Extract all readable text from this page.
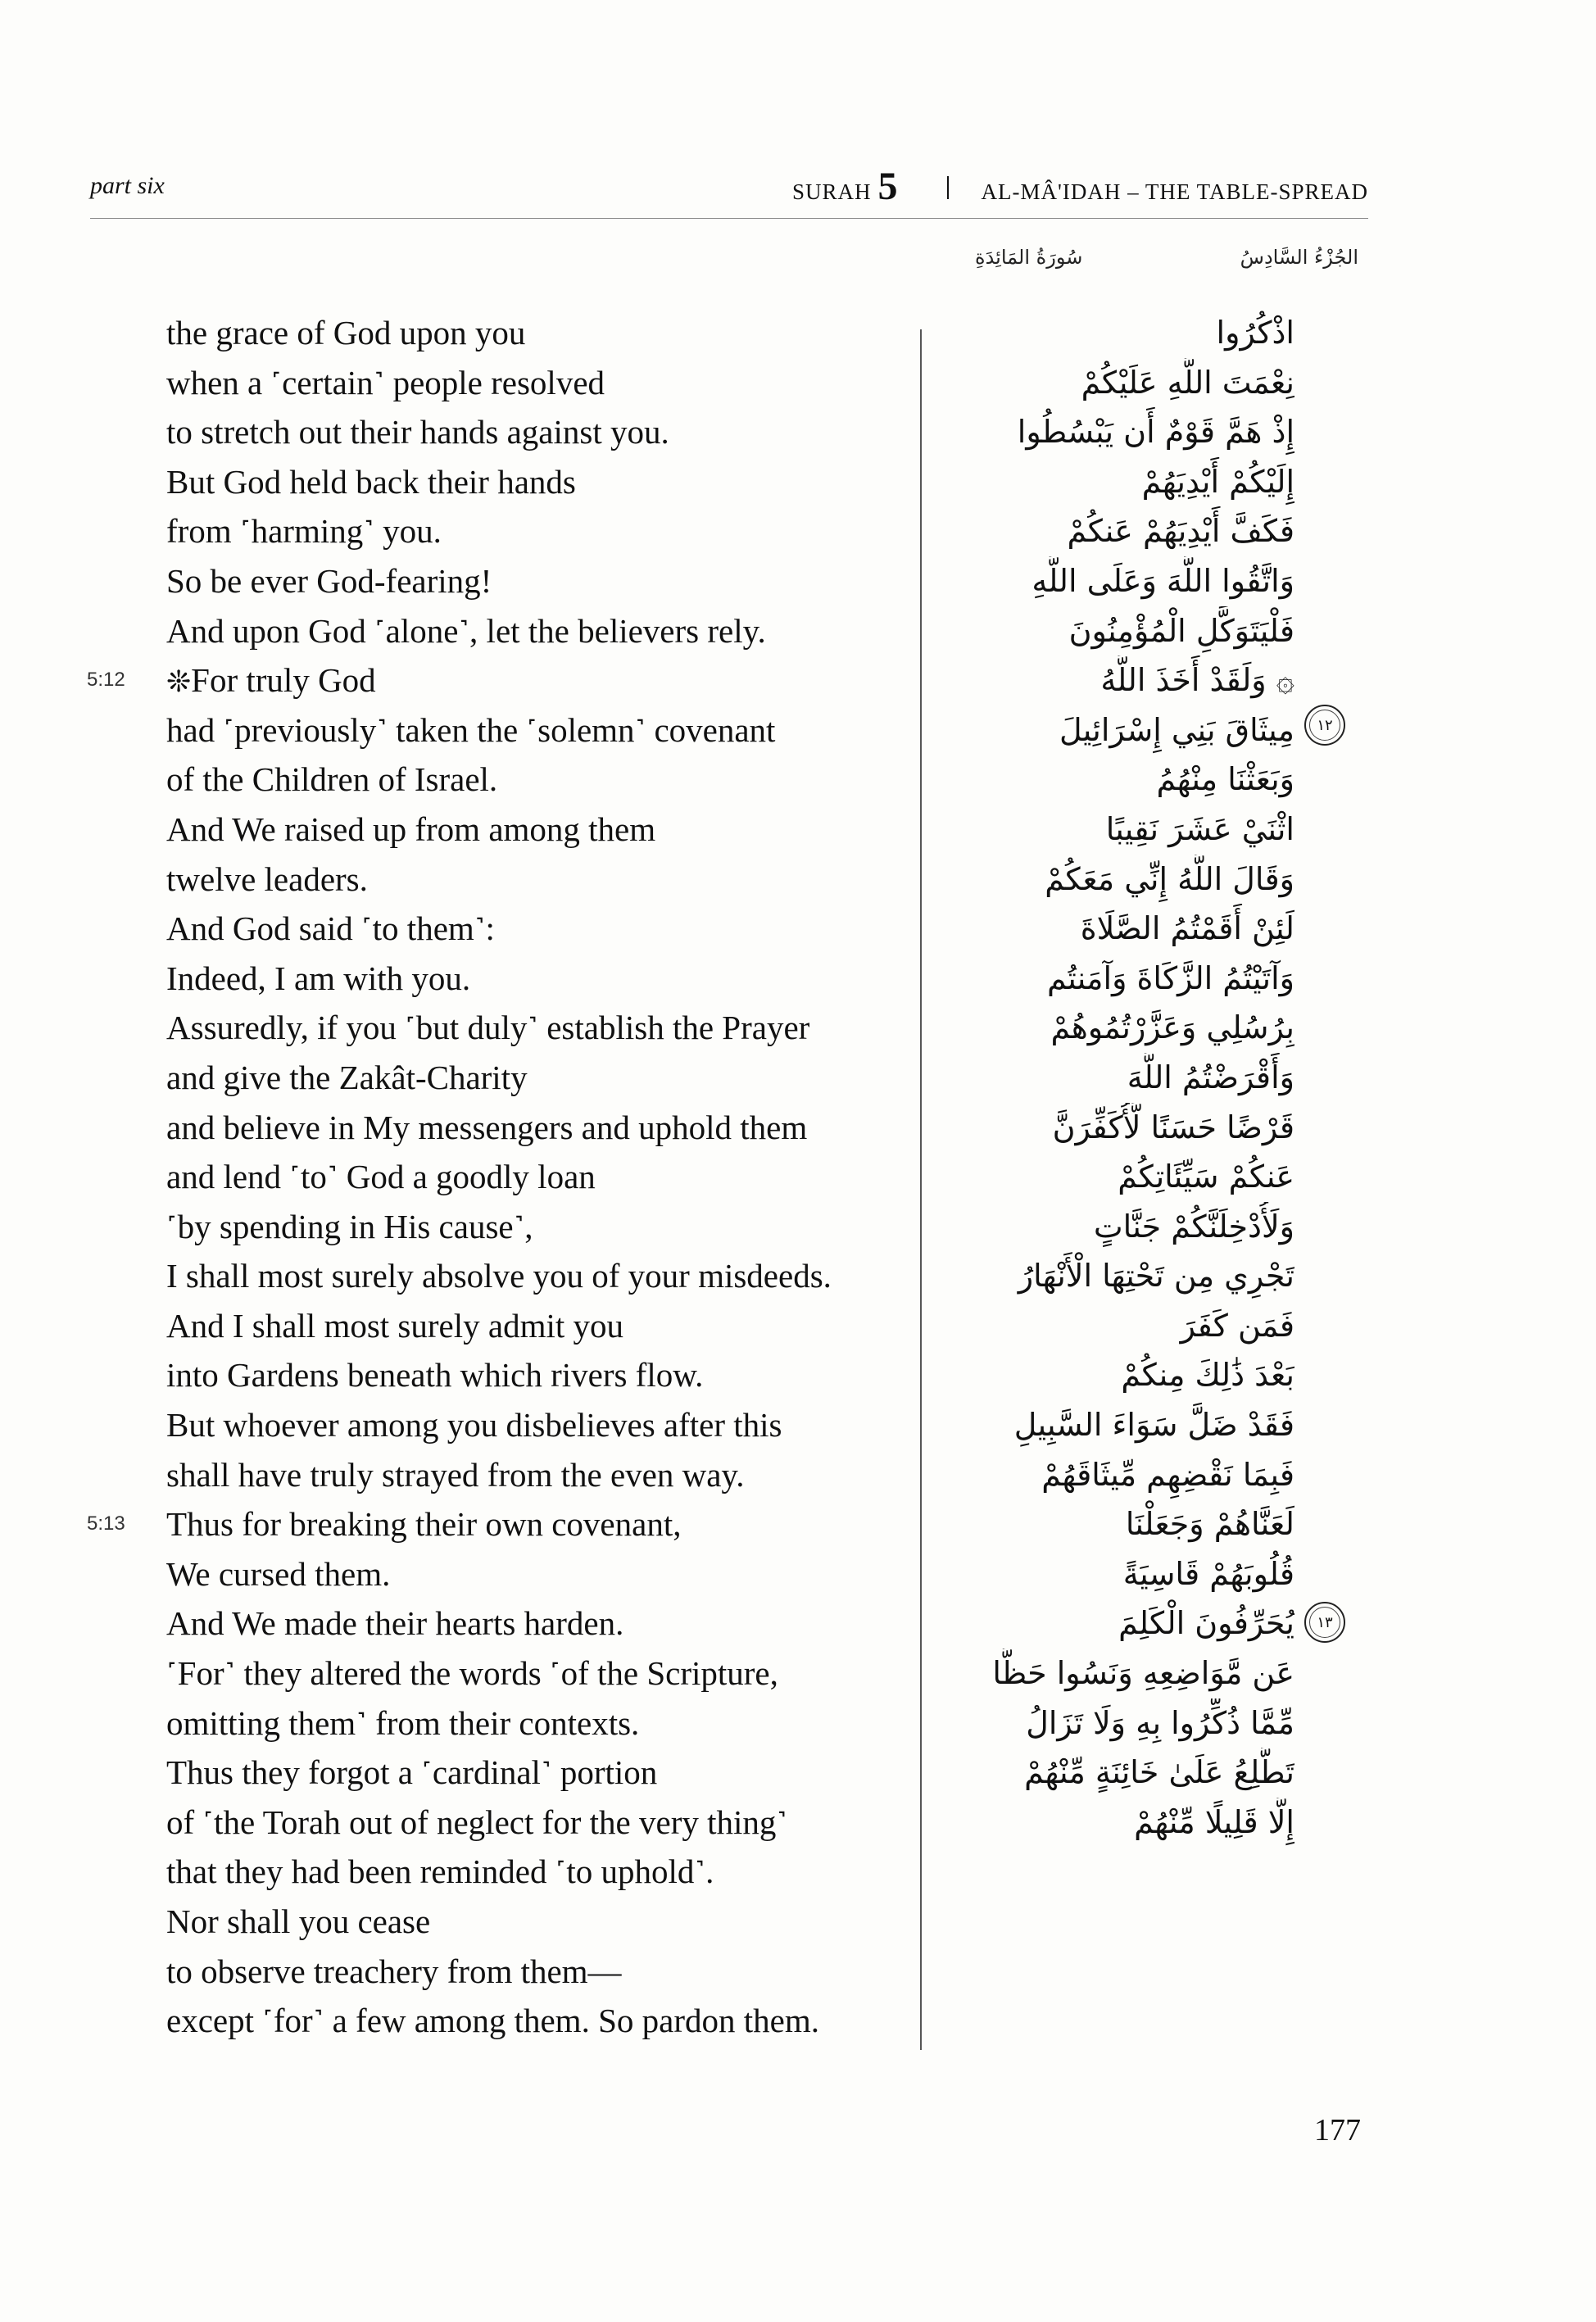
part six	SURAH 5	AL-MÂ'IDAH – THE TABLE-SPREAD
سُورَةُ المَائِدَةِ	الجُزْءُ السَّادِسُ
the grace of God upon you
when a ˹certain˺ people resolved
to stretch out their hands against you.
But God held back their hands
from ˹harming˺ you.
So be ever God-fearing!
And upon God ˹alone˺, let the believers rely.
5:12 ❊For truly God
had ˹previously˺ taken the ˹solemn˺ covenant
of the Children of Israel.
And We raised up from among them
twelve leaders.
And God said ˹to them˺:
Indeed, I am with you.
Assuredly, if you ˹but duly˺ establish the Prayer
and give the Zakât-Charity
and believe in My messengers and uphold them
and lend ˹to˺ God a goodly loan
˹by spending in His cause˺,
I shall most surely absolve you of your misdeeds.
And I shall most surely admit you
into Gardens beneath which rivers flow.
But whoever among you disbelieves after this
shall have truly strayed from the even way.
5:13 Thus for breaking their own covenant,
We cursed them.
And We made their hearts harden.
˹For˺ they altered the words ˹of the Scripture,
omitting them˺ from their contexts.
Thus they forgot a ˹cardinal˺ portion
of ˹the Torah out of neglect for the very thing˺
that they had been reminded ˹to uphold˺.
Nor shall you cease
to observe treachery from them—
except ˹for˺ a few among them. So pardon them.
اذْكُرُوا
نِعْمَتَ اللَّهِ عَلَيْكُمْ
إِذْ هَمَّ قَوْمٌ أَن يَبْسُطُوا
إِلَيْكُمْ أَيْدِيَهُمْ
فَكَفَّ أَيْدِيَهُمْ عَنكُمْ
وَاتَّقُوا اللَّهَ وَعَلَى اللَّهِ
فَلْيَتَوَكَّلِ الْمُؤْمِنُونَ
۞ وَلَقَدْ أَخَذَ اللَّهُ
مِيثَاقَ بَنِي إِسْرَائِيلَ
وَبَعَثْنَا مِنْهُمُ
اثْنَيْ عَشَرَ نَقِيبًا
وَقَالَ اللَّهُ إِنِّي مَعَكُمْ
لَئِنْ أَقَمْتُمُ الصَّلَاةَ
وَآتَيْتُمُ الزَّكَاةَ وَآمَنتُم
بِرُسُلِي وَعَزَّرْتُمُوهُمْ
وَأَقْرَضْتُمُ اللَّهَ
قَرْضًا حَسَنًا لَّأُكَفِّرَنَّ
عَنكُمْ سَيِّئَاتِكُمْ
وَلَأُدْخِلَنَّكُمْ جَنَّاتٍ
تَجْرِي مِن تَحْتِهَا الْأَنْهَارُ
فَمَن كَفَرَ
بَعْدَ ذَٰلِكَ مِنكُمْ
فَقَدْ ضَلَّ سَوَاءَ السَّبِيلِ
فَبِمَا نَقْضِهِم مِّيثَاقَهُمْ
لَعَنَّاهُمْ وَجَعَلْنَا
قُلُوبَهُمْ قَاسِيَةً
يُحَرِّفُونَ الْكَلِمَ
عَن مَّوَاضِعِهِ وَنَسُوا حَظًّا
مِّمَّا ذُكِّرُوا بِهِ وَلَا تَزَالُ
تَطَّلِعُ عَلَىٰ خَائِنَةٍ مِّنْهُمْ
إِلَّا قَلِيلًا مِّنْهُمْ
١٢
١٣
177
